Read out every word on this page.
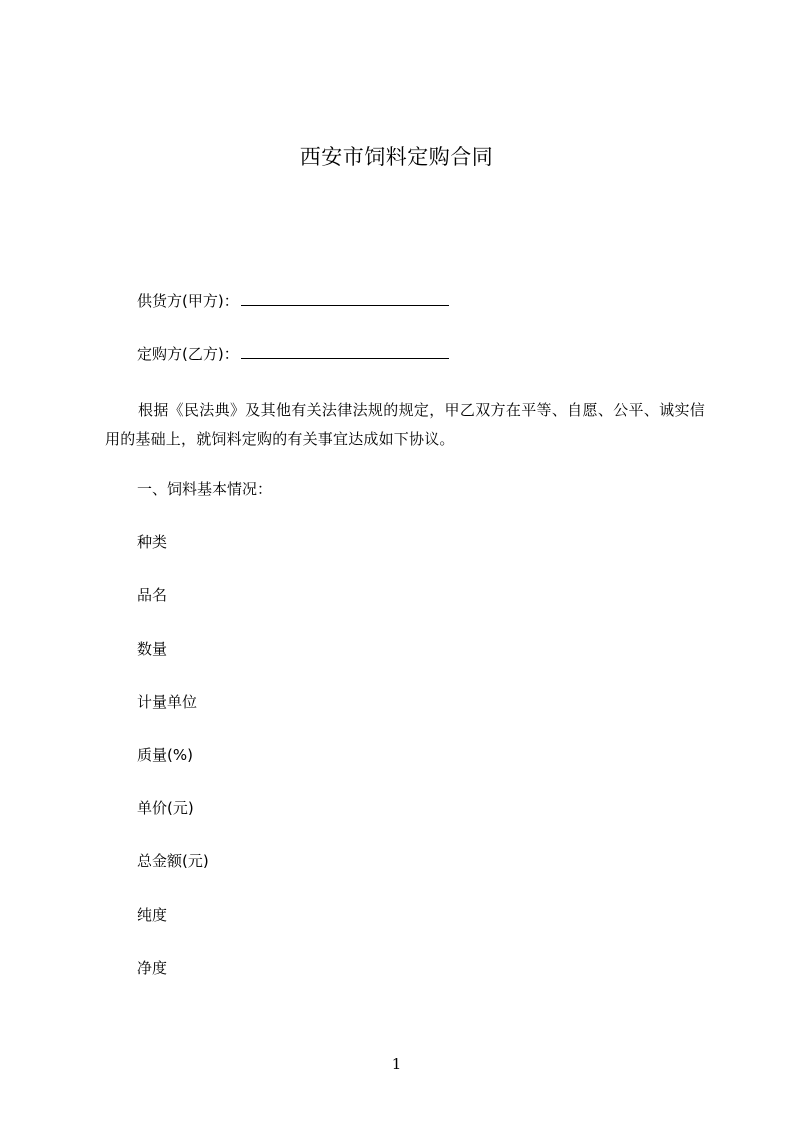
西安市饲料定购合同
供货方(甲方)：
定购方(乙方)：

根据《民法典》及其他有关法律法规的规定，甲乙双方在平等、自愿、公平、诚实信用的基础上，就饲料定购的有关事宜达成如下协议。

一、饲料基本情况：
种类
品名
数量
计量单位
质量(%)
单价(元)
总金额(元)
纯度
净度
1
